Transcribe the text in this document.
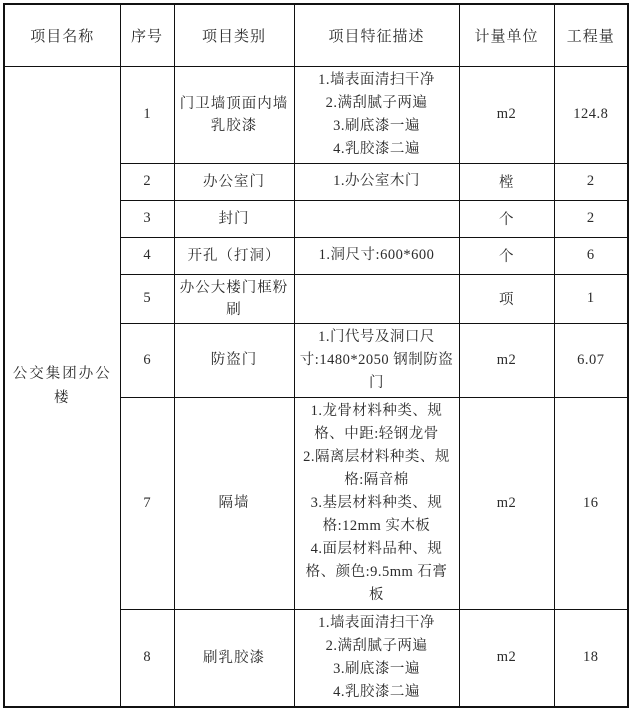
项目名称	序号	项目类别	项目特征描述	计量单位	工程量
公交集团办公楼	1	门卫墙顶面内墙乳胶漆	1.墙表面清扫干净
2.满刮腻子两遍
3.刷底漆一遍
4.乳胶漆二遍	m2	124.8
	2	办公室门	1.办公室木门	樘	2
	3	封门		个	2
	4	开孔（打洞）	1.洞尺寸:600*600	个	6
	5	办公大楼门框粉刷		项	1
	6	防盗门	1.门代号及洞口尺寸:1480*2050 钢制防盗门	m2	6.07
	7	隔墙	1.龙骨材料种类、规格、中距:轻钢龙骨
2.隔离层材料种类、规格:隔音棉
3.基层材料种类、规格:12mm 实木板
4.面层材料品种、规格、颜色:9.5mm 石膏板	m2	16
	8	刷乳胶漆	1.墙表面清扫干净
2.满刮腻子两遍
3.刷底漆一遍
4.乳胶漆二遍	m2	18
